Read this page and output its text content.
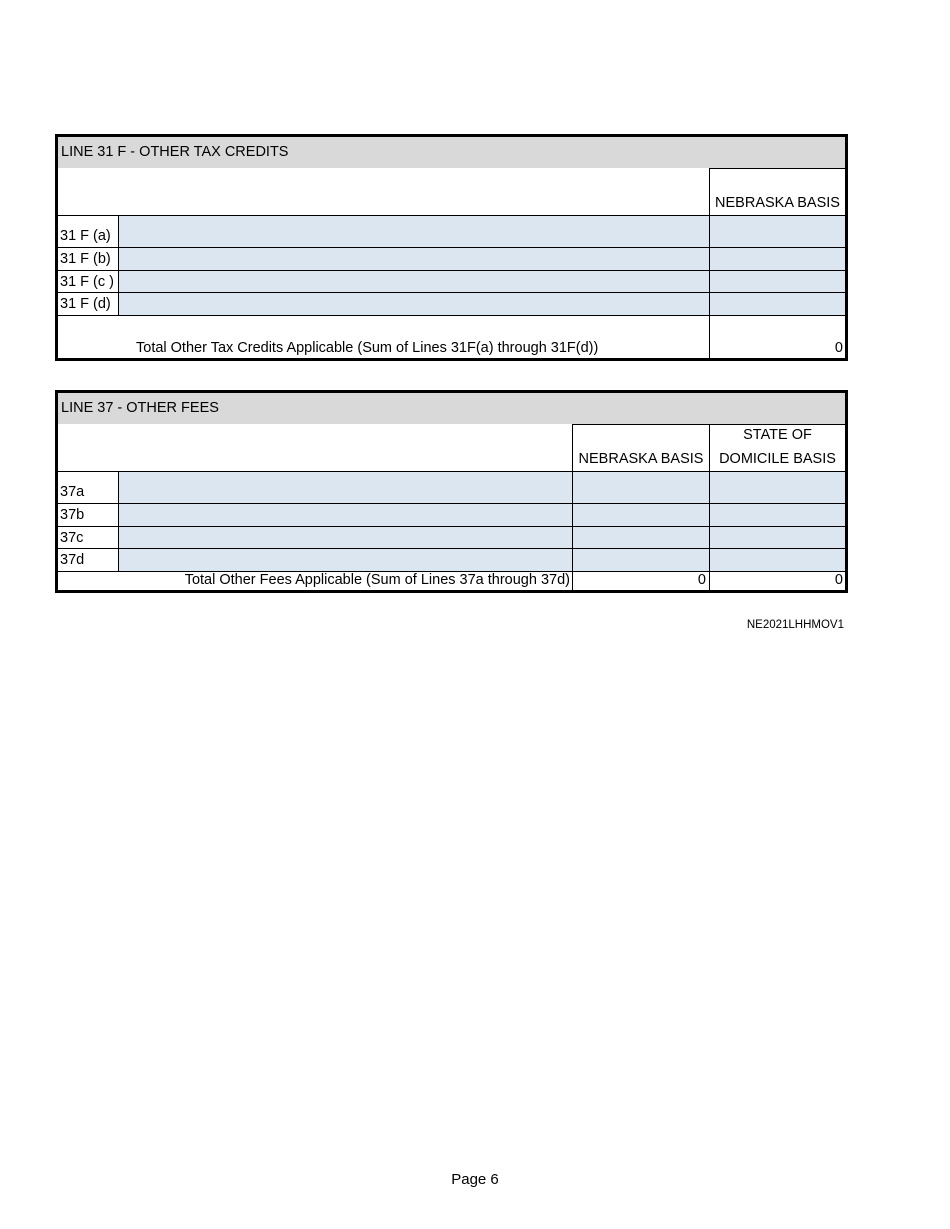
LINE 31 F - OTHER TAX CREDITS
NEBRASKA BASIS
31 F (a)
31 F (b)
31 F (c )
31 F (d)
Total Other Tax Credits Applicable (Sum of Lines 31F(a) through 31F(d))	0
LINE 37 - OTHER FEES
NEBRASKA BASIS
STATE OF
DOMICILE BASIS
37a
37b
37c
37d
Total Other Fees Applicable (Sum of Lines 37a through 37d)	0	0
NE2021LHHMOV1
Page 6
